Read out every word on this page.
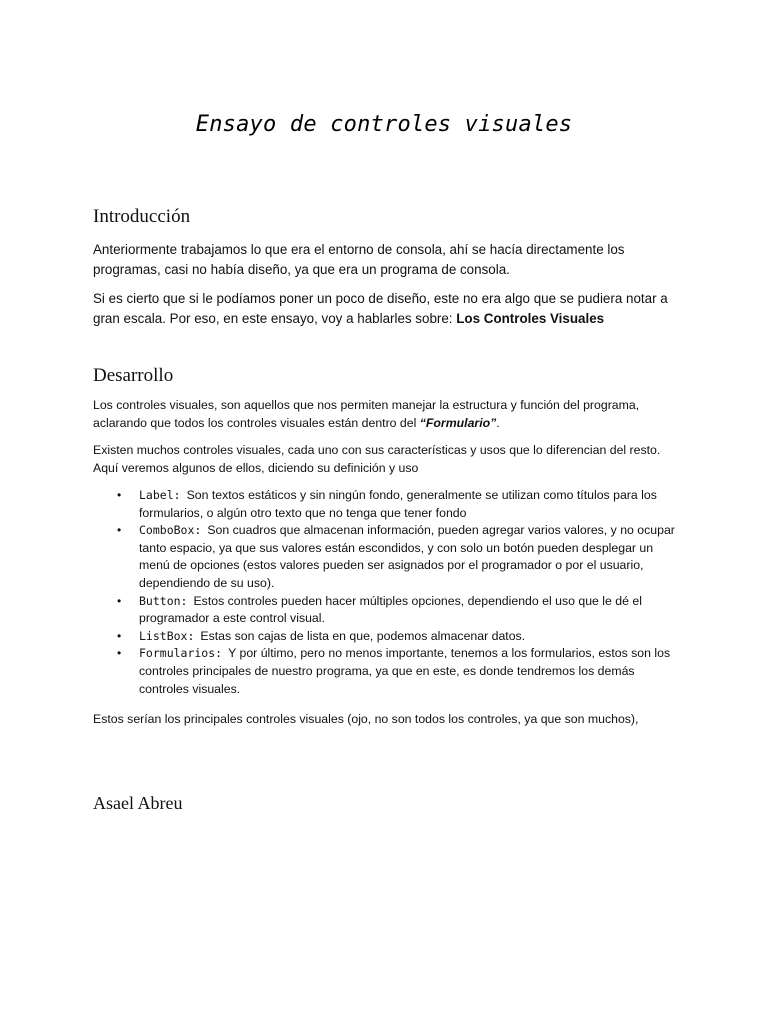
Ensayo de controles visuales
Introducción

Anteriormente trabajamos lo que era el entorno de consola, ahí se hacía directamente los programas, casi no había diseño, ya que era un programa de consola.

Si es cierto que si le podíamos poner un poco de diseño, este no era algo que se pudiera notar a gran escala. Por eso, en este ensayo, voy a hablarles sobre: Los Controles Visuales

Desarrollo

Los controles visuales, son aquellos que nos permiten manejar la estructura y función del programa, aclarando que todos los controles visuales están dentro del “Formulario”.

Existen muchos controles visuales, cada uno con sus características y usos que lo diferencian del resto. Aquí veremos algunos de ellos, diciendo su definición y uso

• Label: Son textos estáticos y sin ningún fondo, generalmente se utilizan como títulos para los formularios, o algún otro texto que no tenga que tener fondo
• ComboBox: Son cuadros que almacenan información, pueden agregar varios valores, y no ocupar tanto espacio, ya que sus valores están escondidos, y con solo un botón pueden desplegar un menú de opciones (estos valores pueden ser asignados por el programador o por el usuario, dependiendo de su uso).
• Button: Estos controles pueden hacer múltiples opciones, dependiendo el uso que le dé el programador a este control visual.
• ListBox: Estas son cajas de lista en que, podemos almacenar datos.
• Formularios: Y por último, pero no menos importante, tenemos a los formularios, estos son los controles principales de nuestro programa, ya que en este, es donde tendremos los demás controles visuales.

Estos serían los principales controles visuales (ojo, no son todos los controles, ya que son muchos),

Asael Abreu
